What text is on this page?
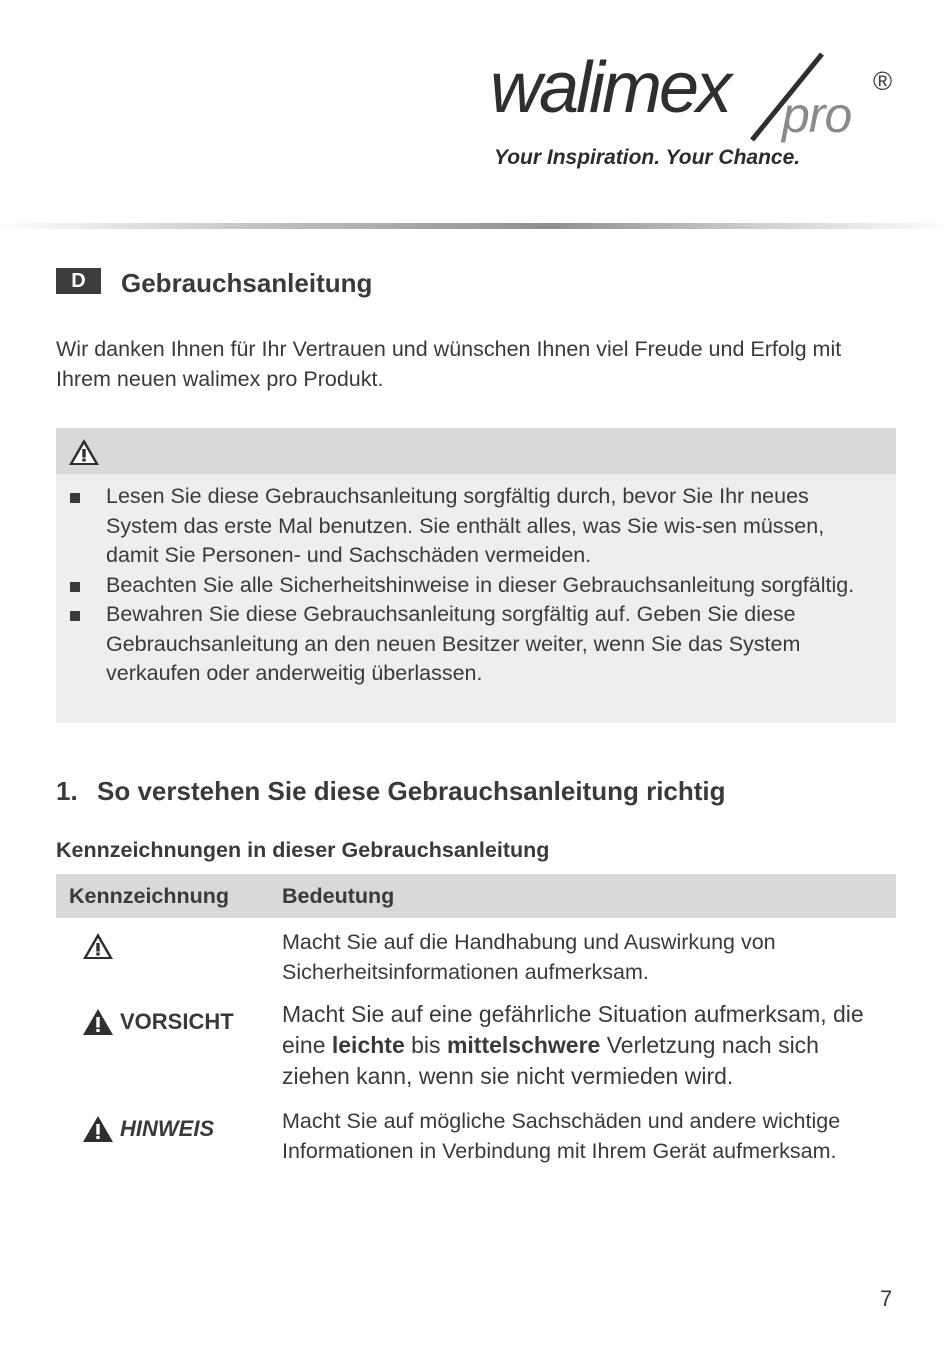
walimex pro
®
Your Inspiration. Your Chance.
D	Gebrauchsanleitung
Wir danken Ihnen für Ihr Vertrauen und wünschen Ihnen viel Freude und Erfolg mit Ihrem neuen walimex pro Produkt.
Lesen Sie diese Gebrauchsanleitung sorgfältig durch, bevor Sie Ihr neues System das erste Mal benutzen. Sie enthält alles, was Sie wis-sen müssen, damit Sie Personen- und Sachschäden vermeiden.
Beachten Sie alle Sicherheitshinweise in dieser Gebrauchsanleitung sorgfältig.
Bewahren Sie diese Gebrauchsanleitung sorgfältig auf. Geben Sie diese Gebrauchsanleitung an den neuen Besitzer weiter, wenn Sie das System verkaufen oder anderweitig überlassen.
1. So verstehen Sie diese Gebrauchsanleitung richtig
Kennzeichnungen in dieser Gebrauchsanleitung
Kennzeichnung Bedeutung
Macht Sie auf die Handhabung und Auswirkung von Sicherheitsinformationen aufmerksam.
VORSICHT Macht Sie auf eine gefährliche Situation aufmerksam, die eine leichte bis mittelschwere Verletzung nach sich ziehen kann, wenn sie nicht vermieden wird.
HINWEIS	Macht Sie auf mögliche Sachschäden und andere wichtige Informationen in Verbindung mit Ihrem Gerät aufmerksam.
7
